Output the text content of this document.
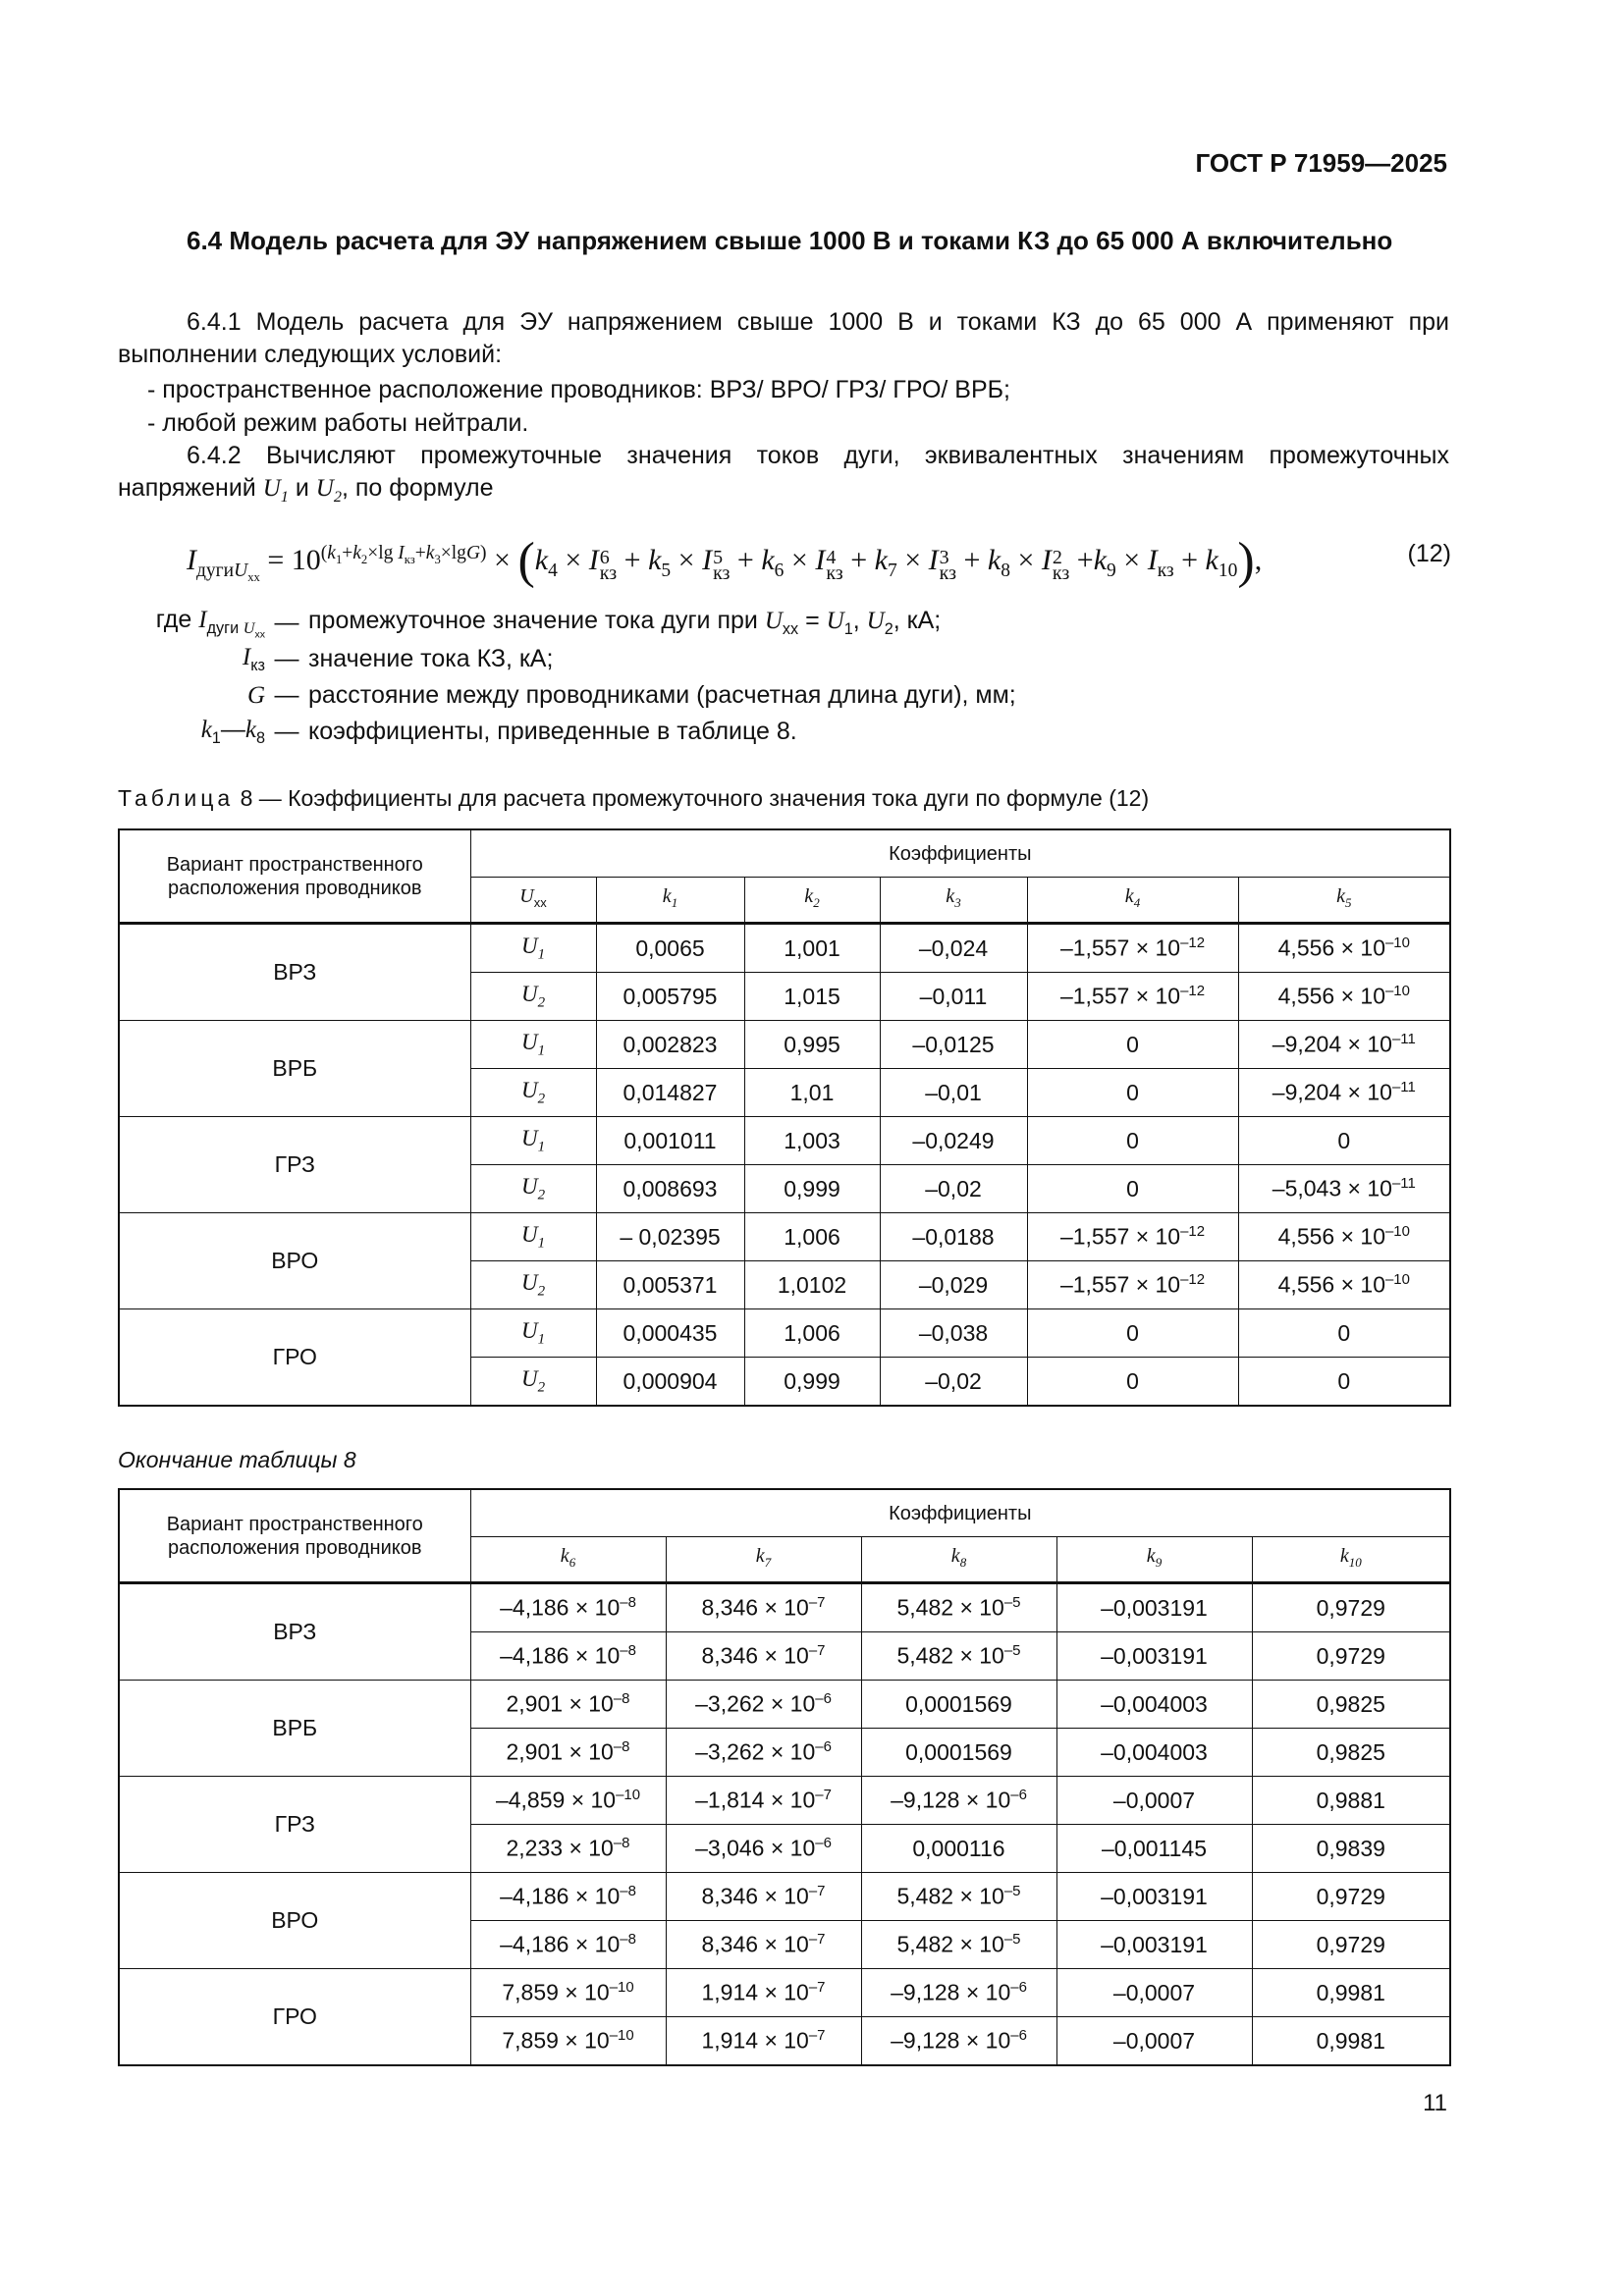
ГОСТ Р 71959—2025
6.4 Модель расчета для ЭУ напряжением свыше 1000 В и токами КЗ до 65 000 А включительно
6.4.1 Модель расчета для ЭУ напряжением свыше 1000 В и токами КЗ до 65 000 А применяют при выполнении следующих условий:
- пространственное расположение проводников: ВРЗ/ ВРО/ ГРЗ/ ГРО/ ВРБ;
- любой режим работы нейтрали.
6.4.2 Вычисляют промежуточные значения токов дуги, эквивалентных значениям промежуточных напряжений $U_1$ и $U_2$, по формуле
$I_{дугиU_{хх}} = 10^{(k_1+k_2\times lg I_{кз}+k_3\times lgG)} \times (k_4 \times I$ 6
кз + $k_5 \times I$ 5
кз + $k_6 \times I$ 4
кз + $k_7 \times I$ 3
кз + $k_8 \times I$ 2
кз $+k_9 \times I_{кз} + k_{10}$),	(12)
где $I_{дуги U_{хх}}$ — промежуточное значение тока дуги при $U_{хх} = U_1$, $U_2$, кА;
$I_{кз}$ — значение тока КЗ, кА;
G — расстояние между проводниками (расчетная длина дуги), мм;
$k_1—k_8$ — коэффициенты, приведенные в таблице 8.
Таблица 8 — Коэффициенты для расчета промежуточного значения тока дуги по формуле (12)
Вариант пространственного расположения проводников	Коэффициенты					
	$U_{хх}$	$k_1$	$k_2$	$k_3$	$k_4$	$k_5$
ВРЗ	$U_1$	0,0065	1,001	–0,024	$-1,557 \times 10^{-12}$	$4,556 \times 10^{-10}$
	$U_2$	0,005795	1,015	–0,011	$-1,557 \times 10^{-12}$	$4,556 \times 10^{-10}$
ВРБ	$U_1$	0,002823	0,995	–0,0125	0	$-9,204 \times 10^{-11}$
	$U_2$	0,014827	1,01	–0,01	0	$-9,204 \times 10^{-11}$
ГРЗ	$U_1$	0,001011	1,003	–0,0249	0	0
	$U_2$	0,008693	0,999	–0,02	0	$-5,043 \times 10^{-11}$
ВРО	$U_1$	– 0,02395	1,006	–0,0188	$-1,557 \times 10^{-12}$	$4,556 \times 10^{-10}$
	$U_2$	0,005371	1,0102	–0,029	$-1,557 \times 10^{-12}$	$4,556 \times 10^{-10}$
ГРО	$U_1$	0,000435	1,006	–0,038	0	0
	$U_2$	0,000904	0,999	–0,02	0	0
Окончание таблицы 8
Вариант пространственного расположения проводников	Коэффициенты				
	$k_6$	$k_7$	$k_8$	$k_9$	$k_{10}$
ВРЗ	$-4,186 \times 10^{-8}$	$8,346 \times 10^{-7}$	$5,482 \times 10^{-5}$	–0,003191	0,9729
	$-4,186 \times 10^{-8}$	$8,346 \times 10^{-7}$	$5,482 \times 10^{-5}$	–0,003191	0,9729
ВРБ	$2,901 \times 10^{-8}$	$-3,262 \times 10^{-6}$	0,0001569	–0,004003	0,9825
	$2,901 \times 10^{-8}$	$-3,262 \times 10^{-6}$	0,0001569	–0,004003	0,9825
ГРЗ	$-4,859 \times 10^{-10}$	$-1,814 \times 10^{-7}$	$-9,128 \times 10^{-6}$	–0,0007	0,9881
	$2,233 \times 10^{-8}$	$-3,046 \times 10^{-6}$	0,000116	–0,001145	0,9839
ВРО	$-4,186 \times 10^{-8}$	$8,346 \times 10^{-7}$	$5,482 \times 10^{-5}$	–0,003191	0,9729
	$-4,186 \times 10^{-8}$	$8,346 \times 10^{-7}$	$5,482 \times 10^{-5}$	–0,003191	0,9729
ГРО	$7,859 \times 10^{-10}$	$1,914 \times 10^{-7}$	$-9,128 \times 10^{-6}$	–0,0007	0,9981
	$7,859 \times 10^{-10}$	$1,914 \times 10^{-7}$	$-9,128 \times 10^{-6}$	–0,0007	0,9981
11
